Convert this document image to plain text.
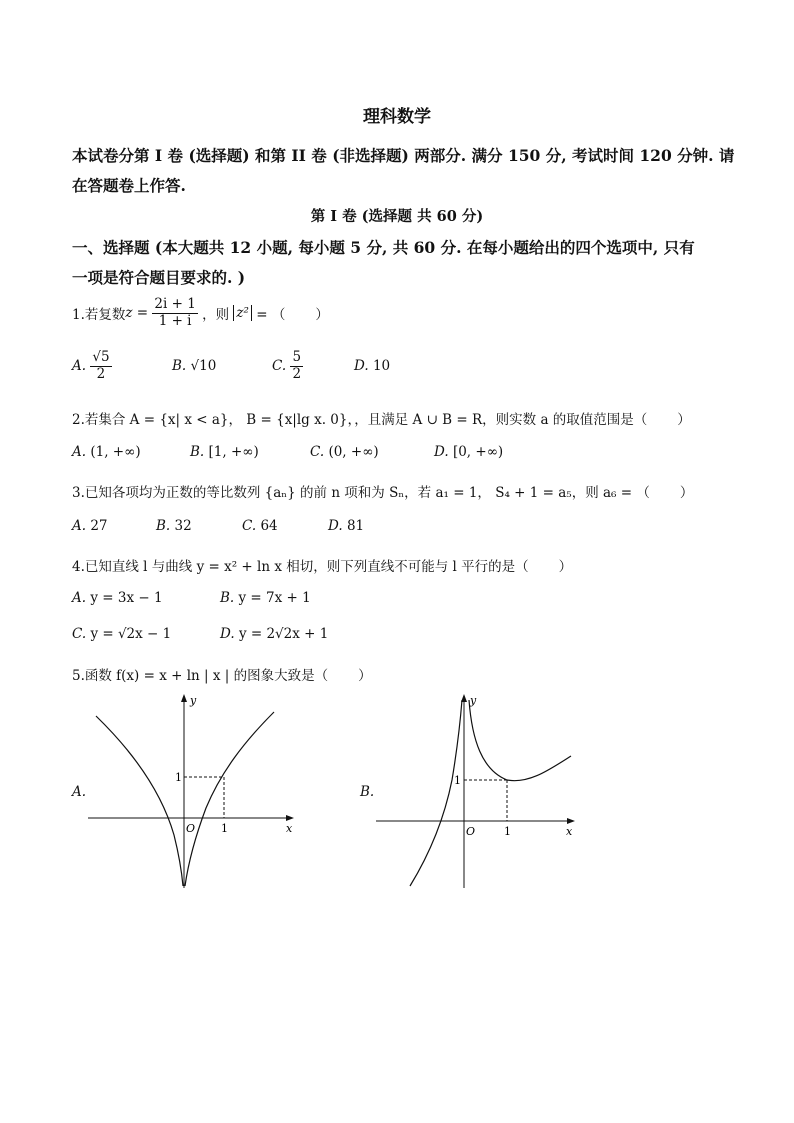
理科数学
本试卷分第 I 卷 (选择题) 和第 II 卷 (非选择题) 两部分. 满分 150 分, 考试时间 120 分钟. 请
在答题卷上作答.
第 I 卷 (选择题 共 60 分)
一、选择题 (本大题共 12 小题, 每小题 5 分, 共 60 分. 在每小题给出的四个选项中, 只有
一项是符合题目要求的. )
1.若复数 $z = \frac{2i + 1}{1 + i}$ ，则 z² = （ ）
A.
$\frac{√5}{2}$	B.
√10	C.
$\frac{5}{2}$	D.
10
2.若集合 A = {x| x < a}， B = {x|lg x. 0}，，且满足 A ∪ B = R，则实数 a 的取值范围是（ ）
A. (1, +∞)	B. [1, +∞)	C. (0, +∞)	D. [0, +∞)
3.已知各项均为正数的等比数列 {aₙ} 的前 n 项和为 Sₙ，若 a₁ = 1， S₄ + 1 = a₅，则 a₆ = （ ）
A. 27	B. 32	C. 64	D. 81
4.已知直线 l 与曲线 y = x² + ln x 相切，则下列直线不可能与 l 平行的是（ ）
A. y = 3x − 1	B. y = 7x + 1
C. y = √2x − 1	D. y = 2√2x + 1
5.函数 f(x) = x + ln | x | 的图象大致是（ ）
A.
y
x
O 1
1
B.
y
x
O	1
1
